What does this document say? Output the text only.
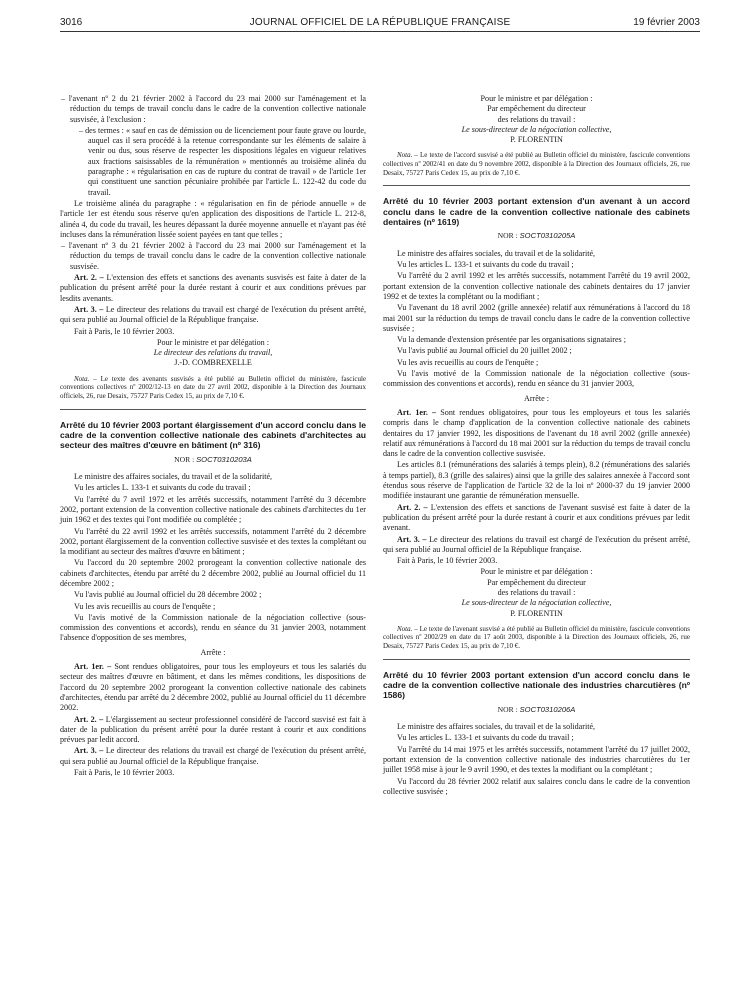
3016	JOURNAL OFFICIEL DE LA RÉPUBLIQUE FRANÇAISE	19 février 2003

– l'avenant nº 2 du 21 février 2002 à l'accord du 23 mai 2000 sur l'aménagement et la réduction du temps de travail conclu dans le cadre de la convention collective nationale susvisée, à l'exclusion :

– des termes : « sauf en cas de démission ou de licenciement pour faute grave ou lourde, auquel cas il sera procédé à la retenue correspondante sur les éléments de salaire à venir ou dus, sous réserve de respecter les dispositions légales en vigueur relatives aux fractions saisissables de la rémunération » mentionnés au troisième alinéa du paragraphe : « régularisation en cas de rupture du contrat de travail » de l'article 1er qui constituent une sanction pécuniaire prohibée par l'article L. 122-42 du code du travail.

Le troisième alinéa du paragraphe : « régularisation en fin de période annuelle » de l'article 1er est étendu sous réserve qu'en application des dispositions de l'article L. 212-8, alinéa 4, du code du travail, les heures dépassant la durée moyenne annuelle et n'ayant pas été incluses dans la rémunération lissée soient payées en tant que telles ;

– l'avenant nº 3 du 21 février 2002 à l'accord du 23 mai 2000 sur l'aménagement et la réduction du temps de travail conclu dans le cadre de la convention collective nationale susvisée.

Art. 2. – L'extension des effets et sanctions des avenants susvisés est faite à dater de la publication du présent arrêté pour la durée restant à courir et aux conditions prévues par lesdits avenants.

Art. 3. – Le directeur des relations du travail est chargé de l'exécution du présent arrêté, qui sera publié au Journal officiel de la République française.

Fait à Paris, le 10 février 2003.

Pour le ministre et par délégation :

Le directeur des relations du travail,

J.-D. COMBREXELLE

Nota. – Le texte des avenants susvisés a été publié au Bulletin officiel du ministère, fascicule conventions collectives nº 2002/12-13 en date du 27 avril 2002, disponible à la Direction des Journaux officiels, 26, rue Desaix, 75727 Paris Cedex 15, au prix de 7,10 €.

Arrêté du 10 février 2003 portant élargissement d'un accord conclu dans le cadre de la convention collective nationale des cabinets d'architectes au secteur des maîtres d'œuvre en bâtiment (nº 316)

NOR : SOCT0310203A

Le ministre des affaires sociales, du travail et de la solidarité,

Vu les articles L. 133-1 et suivants du code du travail ;

Vu l'arrêté du 7 avril 1972 et les arrêtés successifs, notamment l'arrêté du 3 décembre 2002, portant extension de la convention collective nationale des cabinets d'architectes du 1er juin 1962 et des textes qui l'ont modifiée ou complétée ;

Vu l'arrêté du 22 avril 1992 et les arrêtés successifs, notamment l'arrêté du 2 décembre 2002, portant élargissement de la convention collective susvisée et des textes la complétant ou la modifiant au secteur des maîtres d'œuvre en bâtiment ;

Vu l'accord du 20 septembre 2002 prorogeant la convention collective nationale des cabinets d'architectes, étendu par arrêté du 2 décembre 2002, publié au Journal officiel du 11 décembre 2002 ;

Vu l'avis publié au Journal officiel du 28 décembre 2002 ;

Vu les avis recueillis au cours de l'enquête ;

Vu l'avis motivé de la Commission nationale de la négociation collective (sous-commission des conventions et accords), rendu en séance du 31 janvier 2003, notamment l'absence d'opposition de ses membres,

Arrête :

Art. 1er. – Sont rendues obligatoires, pour tous les employeurs et tous les salariés du secteur des maîtres d'œuvre en bâtiment, et dans les mêmes conditions, les dispositions de l'accord du 20 septembre 2002 prorogeant la convention collective nationale des cabinets d'architectes, étendu par arrêté du 2 décembre 2002, publié au Journal officiel du 11 décembre 2002.

Art. 2. – L'élargissement au secteur professionnel considéré de l'accord susvisé est fait à dater de la publication du présent arrêté pour la durée restant à courir et aux conditions prévues par ledit accord.

Art. 3. – Le directeur des relations du travail est chargé de l'exécution du présent arrêté, qui sera publié au Journal officiel de la République française.

Fait à Paris, le 10 février 2003.

Pour le ministre et par délégation :

Par empêchement du directeur

des relations du travail :

Le sous-directeur de la négociation collective,

P. FLORENTIN

Nota. – Le texte de l'accord susvisé a été publié au Bulletin officiel du ministère, fascicule conventions collectives nº 2002/41 en date du 9 novembre 2002, disponible à la Direction des Journaux officiels, 26, rue Desaix, 75727 Paris Cedex 15, au prix de 7,10 €.

Arrêté du 10 février 2003 portant extension d'un avenant à un accord conclu dans le cadre de la convention collective nationale des cabinets dentaires (nº 1619)

NOR : SOCT0310205A

Le ministre des affaires sociales, du travail et de la solidarité,

Vu les articles L. 133-1 et suivants du code du travail ;

Vu l'arrêté du 2 avril 1992 et les arrêtés successifs, notamment l'arrêté du 19 avril 2002, portant extension de la convention collective nationale des cabinets dentaires du 17 janvier 1992 et de textes la complétant ou la modifiant ;

Vu l'avenant du 18 avril 2002 (grille annexée) relatif aux rémunérations à l'accord du 18 mai 2001 sur la réduction du temps de travail conclu dans le cadre de la convention collective susvisée ;

Vu la demande d'extension présentée par les organisations signataires ;

Vu l'avis publié au Journal officiel du 20 juillet 2002 ;

Vu les avis recueillis au cours de l'enquête ;

Vu l'avis motivé de la Commission nationale de la négociation collective (sous-commission des conventions et accords), rendu en séance du 31 janvier 2003,

Arrête :

Art. 1er. – Sont rendues obligatoires, pour tous les employeurs et tous les salariés compris dans le champ d'application de la convention collective nationale des cabinets dentaires du 17 janvier 1992, les dispositions de l'avenant du 18 avril 2002 (grille annexée) relatif aux rémunérations à l'accord du 18 mai 2001 sur la réduction du temps de travail conclu dans le cadre de la convention collective susvisée.

Les articles 8.1 (rémunérations des salariés à temps plein), 8.2 (rémunérations des salariés à temps partiel), 8.3 (grille des salaires) ainsi que la grille des salaires annexée à l'accord sont étendus sous réserve de l'application de l'article 32 de la loi nº 2000-37 du 19 janvier 2000 modifiée instaurant une garantie de rémunération mensuelle.

Art. 2. – L'extension des effets et sanctions de l'avenant susvisé est faite à dater de la publication du présent arrêté pour la durée restant à courir et aux conditions prévues par ledit avenant.

Art. 3. – Le directeur des relations du travail est chargé de l'exécution du présent arrêté, qui sera publié au Journal officiel de la République française.

Fait à Paris, le 10 février 2003.

Pour le ministre et par délégation :

Par empêchement du directeur

des relations du travail :

Le sous-directeur de la négociation collective,

P. FLORENTIN

Nota. – Le texte de l'avenant susvisé a été publié au Bulletin officiel du ministère, fascicule conventions collectives nº 2002/29 en date du 17 août 2003, disponible à la Direction des Journaux officiels, 26, rue Desaix, 75727 Paris Cedex 15, au prix de 7,10 €.

Arrêté du 10 février 2003 portant extension d'un accord conclu dans le cadre de la convention collective nationale des industries charcutières (nº 1586)

NOR : SOCT0310206A

Le ministre des affaires sociales, du travail et de la solidarité,

Vu les articles L. 133-1 et suivants du code du travail ;

Vu l'arrêté du 14 mai 1975 et les arrêtés successifs, notamment l'arrêté du 17 juillet 2002, portant extension de la convention collective nationale des industries charcutières du 1er juillet 1958 mise à jour le 9 avril 1990, et des textes la modifiant ou la complétant ;

Vu l'accord du 28 février 2002 relatif aux salaires conclu dans le cadre de la convention collective susvisée ;
